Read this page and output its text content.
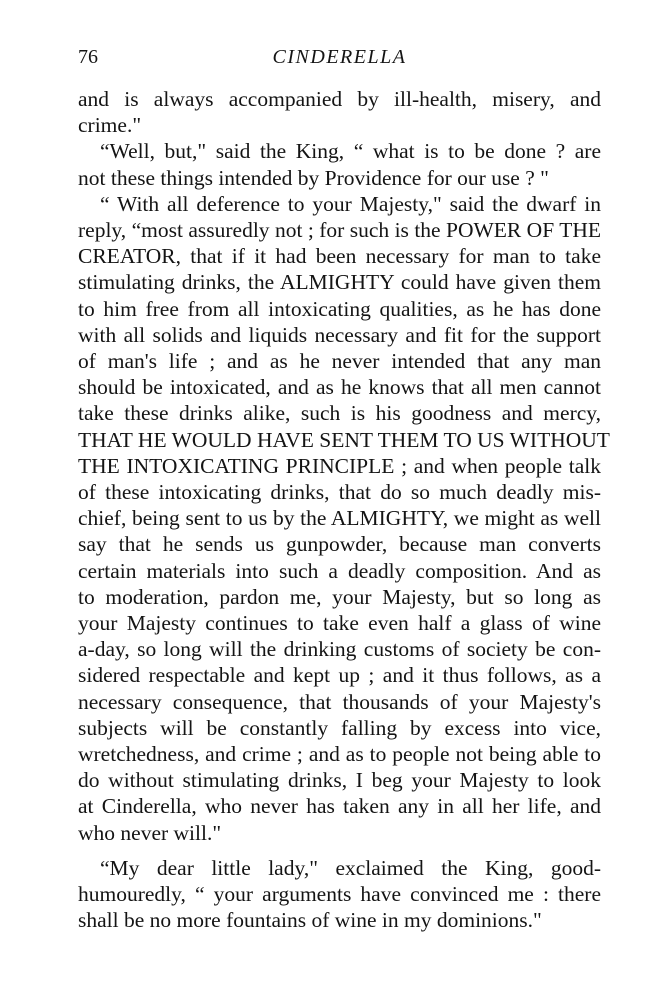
76	CINDERELLA

and is always accompanied by ill-health, misery, and
crime."

“Well, but," said the King, “ what is to be done ? are
not these things intended by Providence for our use ? "

“ With all deference to your Majesty," said the dwarf in
reply, “most assuredly not ; for such is the POWER OF THE
CREATOR, that if it had been necessary for man to take
stimulating drinks, the ALMIGHTY could have given them
to him free from all intoxicating qualities, as he has done
with all solids and liquids necessary and fit for the support
of man's life ; and as he never intended that any man
should be intoxicated, and as he knows that all men cannot
take these drinks alike, such is his goodness and mercy,
THAT HE WOULD HAVE SENT THEM TO US WITHOUT
THE INTOXICATING PRINCIPLE ; and when people talk
of these intoxicating drinks, that do so much deadly mis-
chief, being sent to us by the ALMIGHTY, we might as well
say that he sends us gunpowder, because man converts
certain materials into such a deadly composition. And as
to moderation, pardon me, your Majesty, but so long as
your Majesty continues to take even half a glass of wine
a-day, so long will the drinking customs of society be con-
sidered respectable and kept up ; and it thus follows, as a
necessary consequence, that thousands of your Majesty's
subjects will be constantly falling by excess into vice,
wretchedness, and crime ; and as to people not being able to
do without stimulating drinks, I beg your Majesty to look
at Cinderella, who never has taken any in all her life, and
who never will."

“My dear little lady," exclaimed the King, good-
humouredly, “ your arguments have convinced me : there
shall be no more fountains of wine in my dominions."
